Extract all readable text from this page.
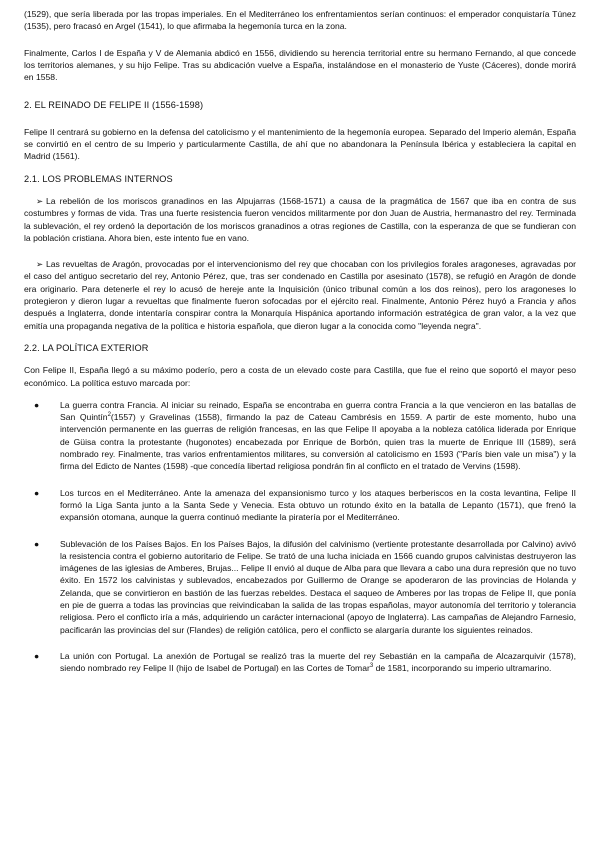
(1529), que sería liberada por las tropas imperiales. En el Mediterráneo los enfrentamientos serían continuos: el emperador conquistaría Túnez (1535), pero fracasó en Argel (1541), lo que afirmaba la hegemonía turca en la zona.

Finalmente, Carlos I de España y V de Alemania abdicó en 1556, dividiendo su herencia territorial entre su hermano Fernando, al que concede los territorios alemanes, y su hijo Felipe. Tras su abdicación vuelve a España, instalándose en el monasterio de Yuste (Cáceres), donde morirá en 1558.

2. EL REINADO DE FELIPE II (1556-1598)

Felipe II centrará su gobierno en la defensa del catolicismo y el mantenimiento de la hegemonía europea. Separado del Imperio alemán, España se convirtió en el centro de su Imperio y particularmente Castilla, de ahí que no abandonara la Península Ibérica y estableciera la capital en Madrid (1561).

2.1. LOS PROBLEMAS INTERNOS

➢ La rebelión de los moriscos granadinos en las Alpujarras (1568-1571) a causa de la pragmática de 1567 que iba en contra de sus costumbres y formas de vida. Tras una fuerte resistencia fueron vencidos militarmente por don Juan de Austria, hermanastro del rey. Terminada la sublevación, el rey ordenó la deportación de los moriscos granadinos a otras regiones de Castilla, con la esperanza de que se fundieran con la población cristiana. Ahora bien, este intento fue en vano.

➢ Las revueltas de Aragón, provocadas por el intervencionismo del rey que chocaban con los privilegios forales aragoneses, agravadas por el caso del antiguo secretario del rey, Antonio Pérez, que, tras ser condenado en Castilla por asesinato (1578), se refugió en Aragón de donde era originario. Para detenerle el rey lo acusó de hereje ante la Inquisición (único tribunal común a los dos reinos), pero los aragoneses lo protegieron y dieron lugar a revueltas que finalmente fueron sofocadas por el ejército real. Finalmente, Antonio Pérez huyó a Francia y años después a Inglaterra, donde intentaría conspirar contra la Monarquía Hispánica aportando información estratégica de gran valor, a la vez que emitía una propaganda negativa de la política e historia española, que dieron lugar a la conocida como "leyenda negra".

2.2. LA POLÍTICA EXTERIOR

Con Felipe II, España llegó a su máximo poderío, pero a costa de un elevado coste para Castilla, que fue el reino que soportó el mayor peso económico. La política estuvo marcada por:

●	La guerra contra Francia. Al iniciar su reinado, España se encontraba en guerra contra Francia a la que vencieron en las batallas de San Quintín$^2$(1557) y Gravelinas (1558), firmando la paz de Cateau Cambrésis en 1559. A partir de este momento, hubo una intervención permanente en las guerras de religión francesas, en las que Felipe II apoyaba a la nobleza católica liderada por Enrique de Güisa contra la protestante (hugonotes) encabezada por Enrique de Borbón, quien tras la muerte de Enrique III (1589), será nombrado rey. Finalmente, tras varios enfrentamientos militares, su conversión al catolicismo en 1593 ("París bien vale un misa") y la firma del Edicto de Nantes (1598) -que concedía libertad religiosa pondrán fin al conflicto en el tratado de Vervins (1598).
●	Los turcos en el Mediterráneo. Ante la amenaza del expansionismo turco y los ataques berberiscos en la costa levantina, Felipe II formó la Liga Santa junto a la Santa Sede y Venecia. Esta obtuvo un rotundo éxito en la batalla de Lepanto (1571), que frenó la expansión otomana, aunque la guerra continuó mediante la piratería por el Mediterráneo.
●	Sublevación de los Países Bajos. En los Países Bajos, la difusión del calvinismo (vertiente protestante desarrollada por Calvino) avivó la resistencia contra el gobierno autoritario de Felipe. Se trató de una lucha iniciada en 1566 cuando grupos calvinistas destruyeron las imágenes de las iglesias de Amberes, Brujas... Felipe II envió al duque de Alba para que llevara a cabo una dura represión que no tuvo éxito. En 1572 los calvinistas y sublevados, encabezados por Guillermo de Orange se apoderaron de las provincias de Holanda y Zelanda, que se convirtieron en bastión de las fuerzas rebeldes. Destaca el saqueo de Amberes por las tropas de Felipe II, que ponía en pie de guerra a todas las provincias que reivindicaban la salida de las tropas españolas, mayor autonomía del territorio y tolerancia religiosa. Pero el conflicto iría a más, adquiriendo un carácter internacional (apoyo de Inglaterra). Las campañas de Alejandro Farnesio, pacificarán las provincias del sur (Flandes) de religión católica, pero el conflicto se alargaría durante los siguientes reinados.
●	La unión con Portugal. La anexión de Portugal se realizó tras la muerte del rey Sebastián en la campaña de Alcazarquivir (1578), siendo nombrado rey Felipe II (hijo de Isabel de Portugal) en las Cortes de Tomar$^3$ de 1581, incorporando su imperio ultramarino.
